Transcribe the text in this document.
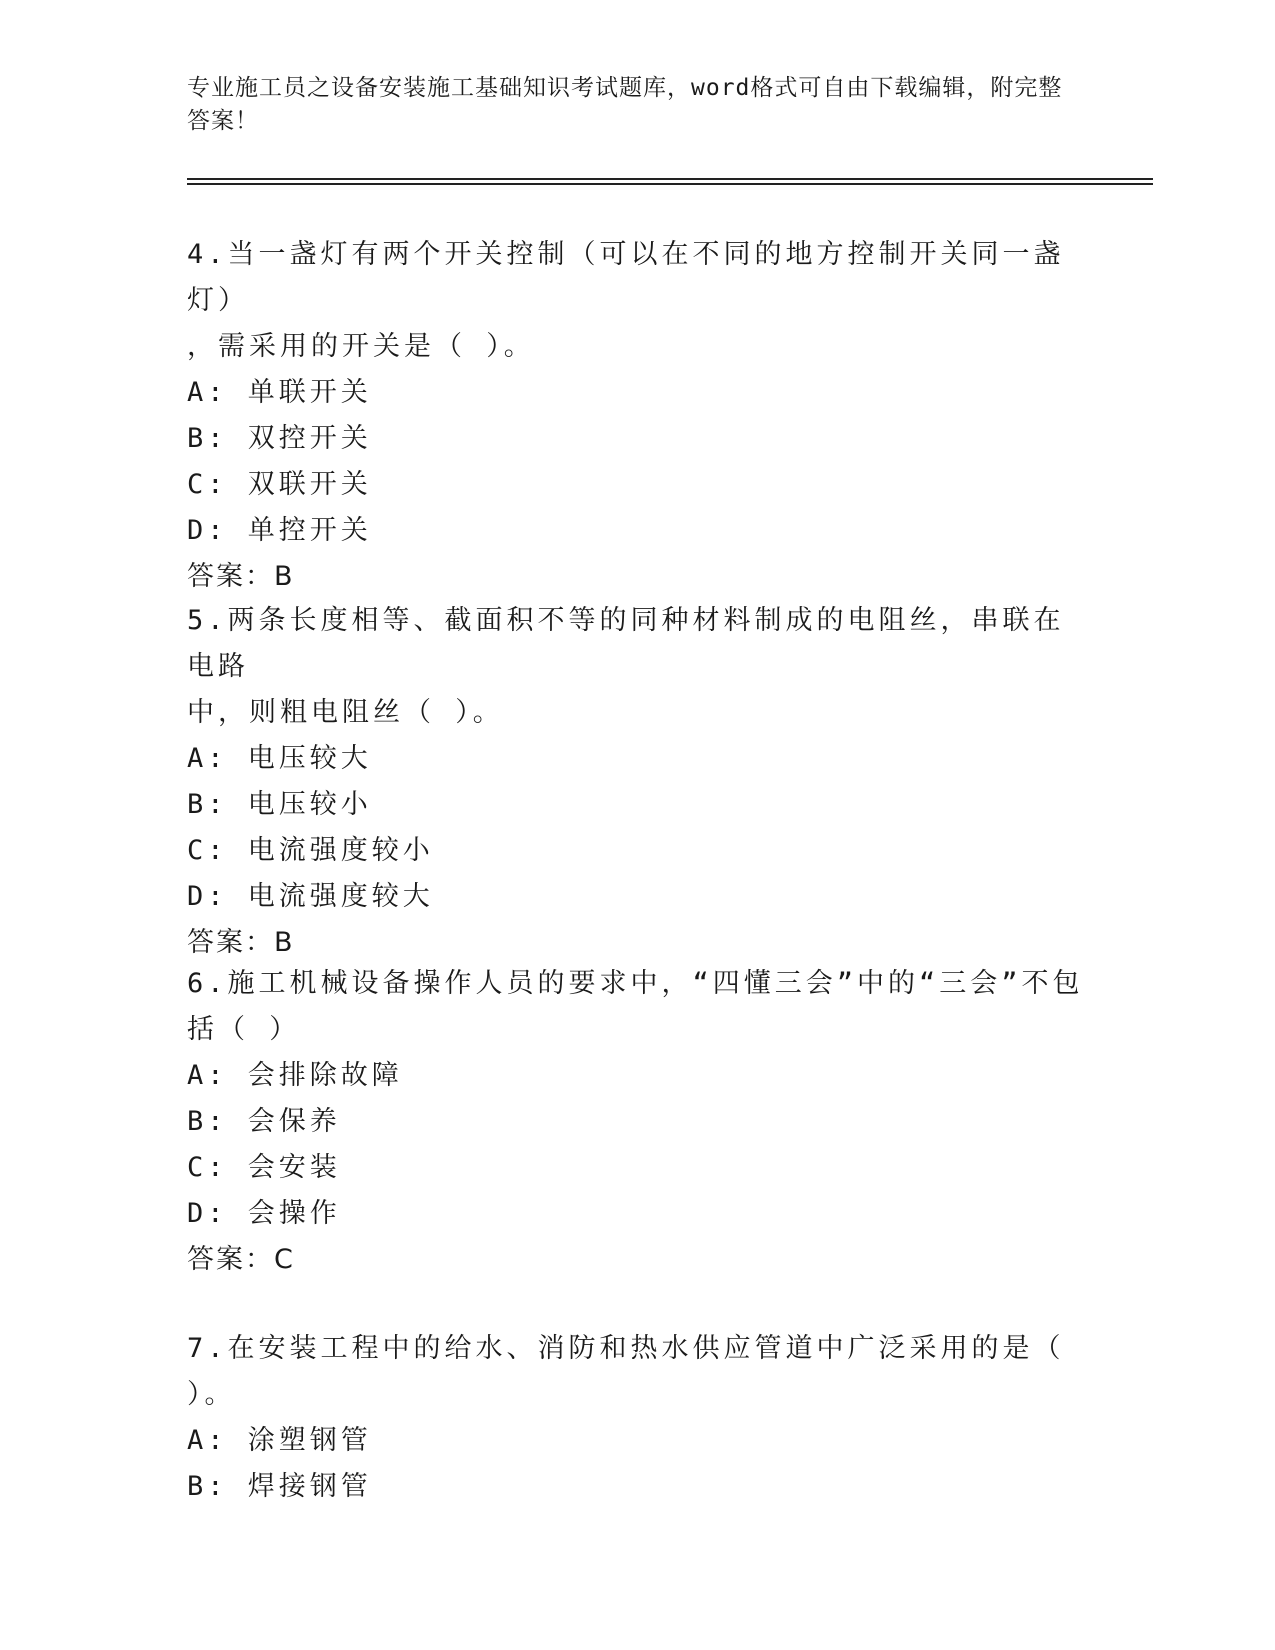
专业施工员之设备安装施工基础知识考试题库，word格式可自由下载编辑，附完整答案！
4.当一盏灯有两个开关控制（可以在不同的地方控制开关同一盏灯）
，需采用的开关是（ ）。
A: 单联开关
B: 双控开关
C: 双联开关
D: 单控开关
答案：B
5.两条长度相等、截面积不等的同种材料制成的电阻丝，串联在电路
中，则粗电阻丝（ ）。
A: 电压较大
B: 电压较小
C: 电流强度较小
D: 电流强度较大
答案：B
6.施工机械设备操作人员的要求中，“四懂三会”中的“三会”不包
括（ ）
A: 会排除故障
B: 会保养
C: 会安装
D: 会操作
答案：C
7.在安装工程中的给水、消防和热水供应管道中广泛采用的是（ ）。
A: 涂塑钢管
B: 焊接钢管
